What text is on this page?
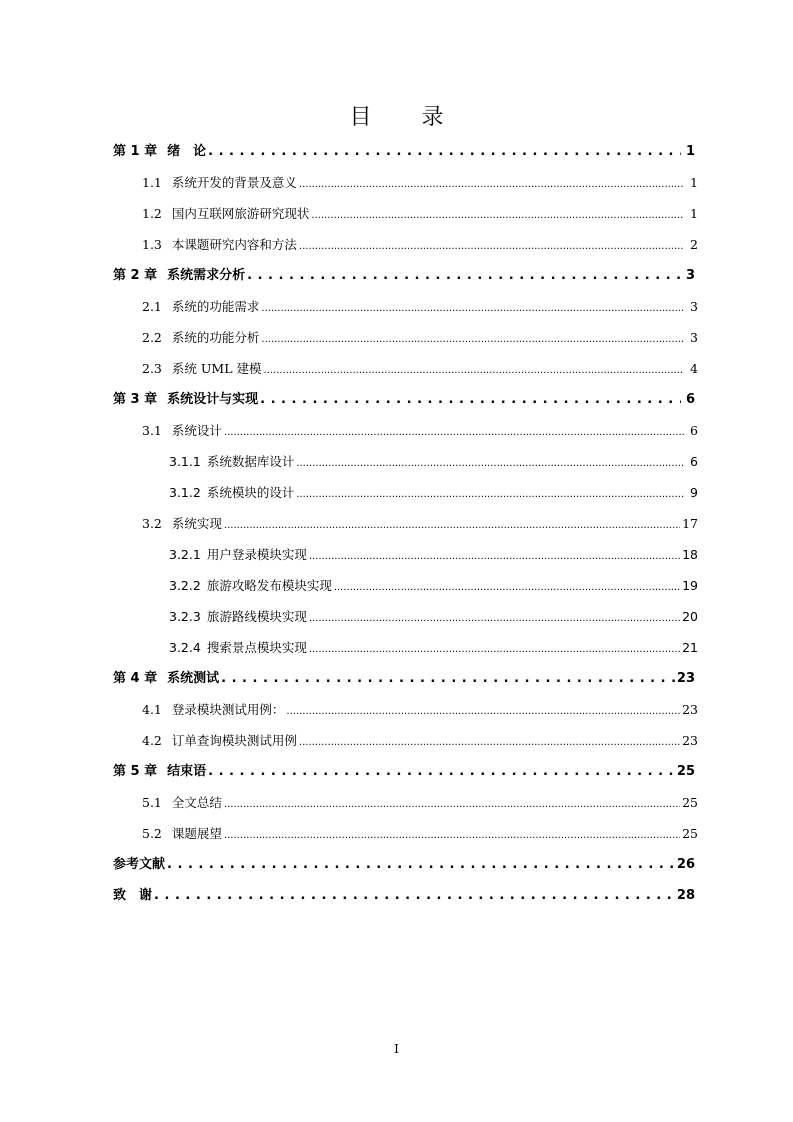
目　录
第 1 章 绪　论 . . .	1
1.1 系统开发的背景及意义 .....	1
1.2 国内互联网旅游研究现状 .....	1
1.3 本课题研究内容和方法 .....	2
第 2 章 系统需求分析 . . .	3
2.1 系统的功能需求 .....	3
2.2 系统的功能分析 .....	3
2.3 系统 UML 建模 .....	4
第 3 章 系统设计与实现 . . .	6
3.1 系统设计 .....	6
3.1.1 系统数据库设计 .....	6
3.1.2 系统模块的设计 .....	9
3.2 系统实现 .....	17
3.2.1 用户登录模块实现 .....	18
3.2.2 旅游攻略发布模块实现 .....	19
3.2.3 旅游路线模块实现 .....	20
3.2.4 搜索景点模块实现 .....	21
第 4 章 系统测试 . . .	23
4.1 登录模块测试用例： .....	23
4.2 订单查询模块测试用例 .....	23
第 5 章 结束语 . . .	25
5.1 全文总结 .....	25
5.2 课题展望 .....	25
参考文献 . . .	26
致　谢 . . .	28
I
